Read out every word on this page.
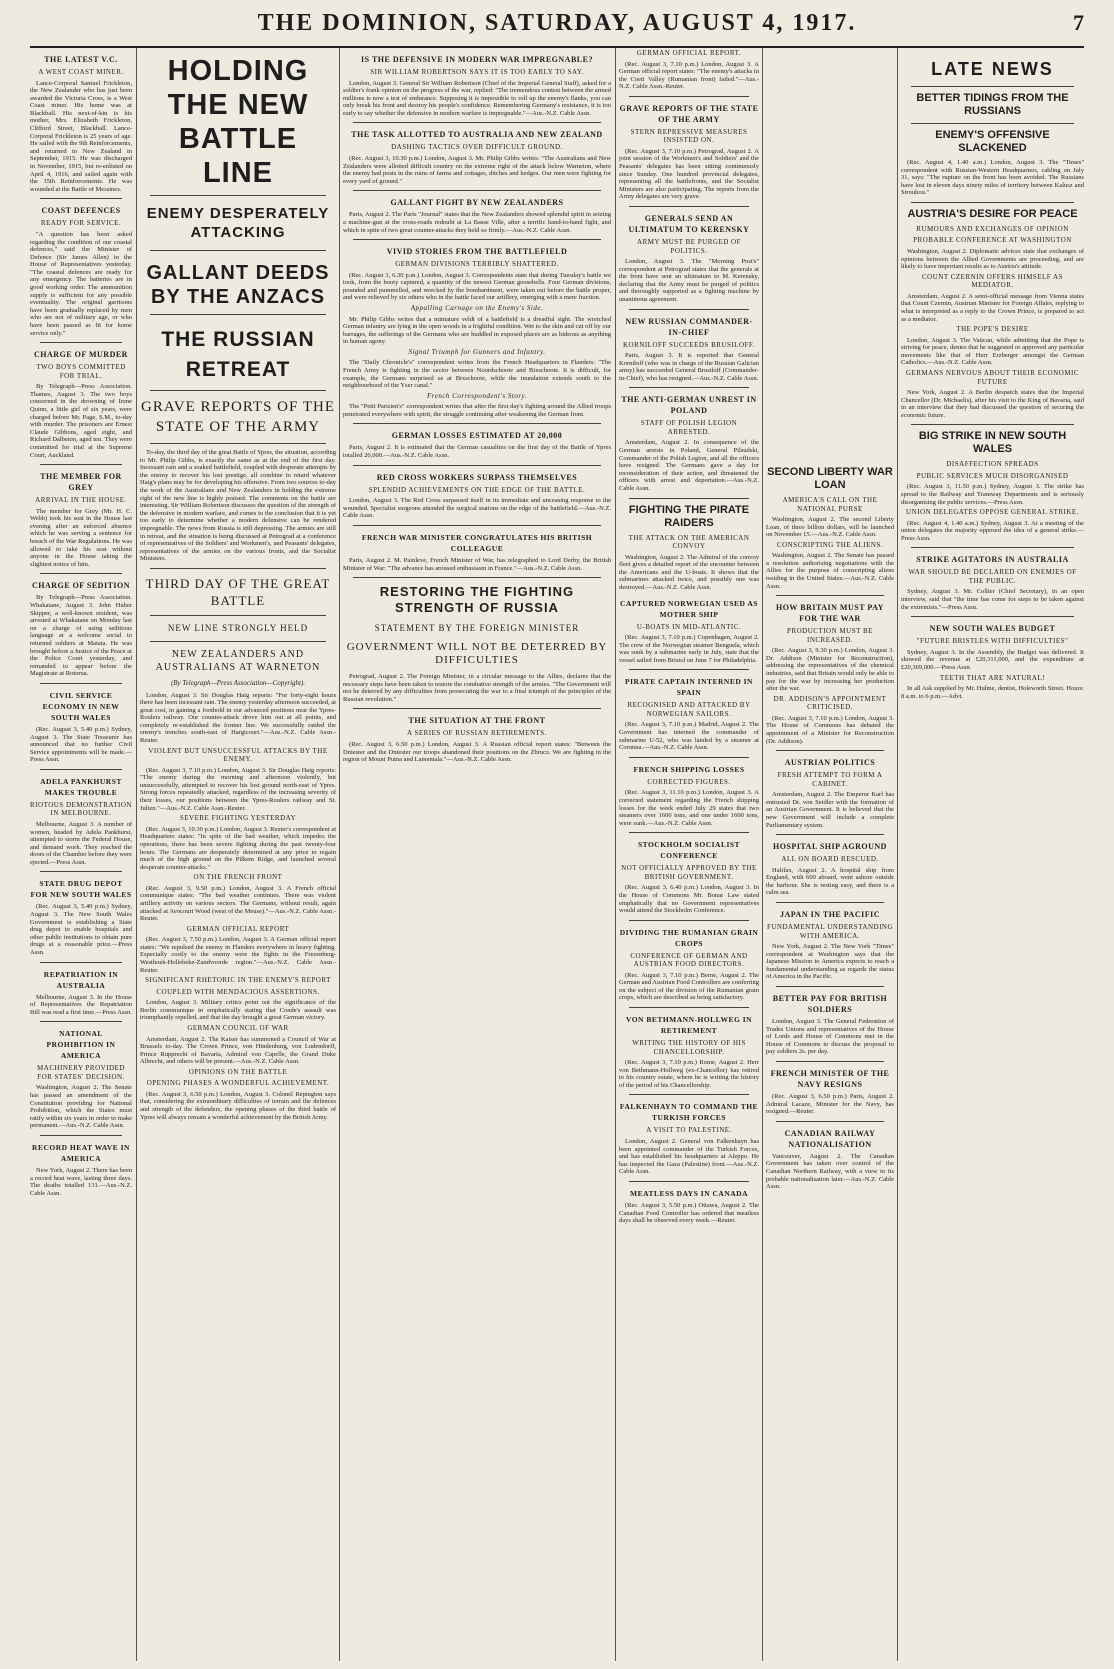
THE DOMINION, SATURDAY, AUGUST 4, 1917.	7
THE LATEST V.C.
A WEST COAST MINER.

Lance-Corporal Samuel Frickleton, the New Zealander who has just been awarded the Victoria Cross, is a West Coast miner. His home was at Blackball. His next-of-kin is his mother, Mrs. Elizabeth Frickleton, Clifford Street, Blackball. Lance-Corporal Frickleton is 25 years of age. He sailed with the 9th Reinforcements, and returned to New Zealand in September, 1915. He was discharged in November, 1915, but re-enlisted on April 4, 1916, and sailed again with the 15th Reinforcements. He was wounded at the Battle of Messines.

COAST DEFENCES
READY FOR SERVICE.

"A question has been asked regarding the condition of our coastal defences," said the Minister of Defence (Sir James Allen) in the House of Representatives yesterday. "The coastal defences are ready for any emergency. The batteries are in good working order. The ammunition supply is sufficient for any possible eventuality. The original garrisons have been gradually replaced by men who are not of military age, or who have been passed as fit for home service only."

CHARGE OF MURDER
TWO BOYS COMMITTED FOR TRIAL.

By Telegraph—Press Association. Thames, August 3. The two boys concerned in the drowning of Irene Quinn, a little girl of six years, were charged before Mr. Page, S.M., to-day with murder. The prisoners are Ernest Claude Gibbons, aged eight, and Richard Dalbeton, aged ten. They were committed for trial at the Supreme Court, Auckland.

THE MEMBER FOR GREY
ARRIVAL IN THE HOUSE.

The member for Grey (Mr. H. C. Webb) took his seat in the House last evening after an enforced absence which he was serving a sentence for breach of the War Regulations. He was allowed to take his seat without anyone in the House taking the slightest notice of him.

CHARGE OF SEDITION

By Telegraph—Press Association. Whakatane, August 3. John Huber Skipper, a well-known resident, was arrested at Whakatane on Monday last on a charge of using seditious language at a welcome social to returned soldiers at Matata. He was brought before a Justice of the Peace at the Police Court yesterday, and remanded to appear before the Magistrate at Rotorua.

CIVIL SERVICE ECONOMY IN NEW SOUTH WALES

(Rec. August 3, 5.40 p.m.) Sydney, August 3. The State Treasurer has announced that no further Civil Service appointments will be made.—Press Assn.

ADELA PANKHURST MAKES TROUBLE
RIOTOUS DEMONSTRATION IN MELBOURNE.

Melbourne, August 3. A number of women, headed by Adela Pankhurst, attempted to storm the Federal House, and demand work. They reached the doors of the Chamber before they were ejected.—Press Assn.

STATE DRUG DEPOT FOR NEW SOUTH WALES

(Rec. August 3, 5.40 p.m.) Sydney, August 3. The New South Wales Government is establishing a State drug depot to enable hospitals and other public institutions to obtain pure drugs at a reasonable price.—Press Assn.

REPATRIATION IN AUSTRALIA

Melbourne, August 3. In the House of Representatives the Repatriation Bill was read a first time.—Press Assn.

NATIONAL PROHIBITION IN AMERICA
MACHINERY PROVIDED FOR STATES' DECISION.

Washington, August 2. The Senate has passed an amendment of the Constitution providing for National Prohibition, which the States must ratify within six years in order to make permanent.—Aus.-N.Z. Cable Assn.

RECORD HEAT WAVE IN AMERICA

New York, August 2. There has been a record heat wave, lasting three days. The deaths totalled 131.—Aus.-N.Z. Cable Assn.

HOLDING THE NEW BATTLE LINE
ENEMY DESPERATELY ATTACKING
GALLANT DEEDS BY THE ANZACS
THE RUSSIAN RETREAT
GRAVE REPORTS OF THE STATE OF THE ARMY

To-day, the third day of the great Battle of Ypres, the situation, according to Mr. Philip Gibbs, is exactly the same as at the end of the first day. Incessant rain and a soaked battlefield, coupled with desperate attempts by the enemy to recover his lost prestige, all combine to retard whatever Haig's plans may be for developing his offensive. From two sources to-day the work of the Australians and New Zealanders in holding the extreme right of the new line is highly praised. The comments on the battle are interesting. Sir William Robertson discusses the question of the strength of the defensive in modern warfare, and comes to the conclusion that it is yet too early to determine whether a modern defensive can be rendered impregnable. The news from Russia is still depressing. The armies are still in retreat, and the situation is being discussed at Petrograd at a conference of representatives of the Soldiers' and Workmen's, and Peasants' delegates, representatives of the armies on the various fronts, and the Socialist Ministers.

THIRD DAY OF THE GREAT BATTLE
NEW LINE STRONGLY HELD
NEW ZEALANDERS AND AUSTRALIANS AT WARNETON
(By Telegraph—Press Association—Copyright).

London, August 3. Sir Douglas Haig reports: "For forty-eight hours there has been incessant rain. The enemy yesterday afternoon succeeded, at great cost, in gaining a foothold in our advanced positions near the Ypres-Roulers railway. Our counter-attack drove him out at all points, and completely re-established the former line. We successfully raided the enemy's trenches south-east of Hargicourt."—Aus.-N.Z. Cable Assn.-Reuter.

VIOLENT BUT UNSUCCESSFUL ATTACKS BY THE ENEMY.

(Rec. August 3, 7.10 p.m.) London, August 3. Sir Douglas Haig reports: "The enemy during the morning and afternoon violently, but unsuccessfully, attempted to recover his lost ground north-east of Ypres. Strong forces repeatedly attacked, regardless of the increasing severity of their losses, our positions between the Ypres-Roulers railway and St. Julien."—Aus.-N.Z. Cable Assn.-Reuter.

SEVERE FIGHTING YESTERDAY

(Rec. August 3, 10.30 p.m.) London, August 3. Reuter's correspondent at Headquarters states: "In spite of the bad weather, which impedes the operations, there has been severe fighting during the past twenty-four hours. The Germans are desperately determined at any price to regain much of the high ground on the Pilkem Ridge, and launched several desperate counter-attacks."

ON THE FRENCH FRONT

(Rec. August 3, 9.50 p.m.) London, August 3. A French official communique states: "The bad weather continues. There was violent artillery activity on various sectors. The Germans, without result, again attacked at Avocourt Wood (west of the Meuse)."—Aus.-N.Z. Cable Assn.-Reuter.

GERMAN OFFICIAL REPORT

(Rec. August 3, 7.50 p.m.) London, August 3. A German official report states: "We repulsed the enemy in Flanders everywhere in heavy fighting. Especially costly to the enemy were the fights in the Frezenberg-Westhoek-Hollebeke-Zandvoorde region."—Aus.-N.Z. Cable Assn.-Reuter.

SIGNIFICANT RHETORIC IN THE ENEMY'S REPORT
COUPLED WITH MENDACIOUS ASSERTIONS.

London, August 3. Military critics point out the significance of the Berlin communique in emphatically stating that Conde's assault was triumphantly repelled, and that the day brought a great German victory.

GERMAN COUNCIL OF WAR

Amsterdam, August 2. The Kaiser has summoned a Council of War at Brussels to-day. The Crown Prince, von Hindenburg, von Ludendorff, Prince Rupprecht of Bavaria, Admiral von Capelle, the Grand Duke Albrecht, and others will be present.—Aus.-N.Z. Cable Assn.

OPINIONS ON THE BATTLE
OPENING PHASES A WONDERFUL ACHIEVEMENT.

(Rec. August 3, 6.50 p.m.) London, August 3. Colonel Repington says that, considering the extraordinary difficulties of terrain and the defences and strength of the defenders, the opening phases of the third battle of Ypres will always remain a wonderful achievement by the British Army.

IS THE DEFENSIVE IN MODERN WAR IMPREGNABLE?
SIR WILLIAM ROBERTSON SAYS IT IS TOO EARLY TO SAY.

London, August 3. General Sir William Robertson (Chief of the Imperial General Staff), asked for a soldier's frank opinion on the progress of the war, replied: "The tremendous contest between the armed millions is now a test of endurance. Supposing it is impossible to roll up the enemy's flanks, you can only break his front and destroy his people's confidence. Remembering Germany's resistance, it is too early to say whether the defensive in modern warfare is impregnable."—Aus.-N.Z. Cable Assn.

THE TASK ALLOTTED TO AUSTRALIA AND NEW ZEALAND
DASHING TACTICS OVER DIFFICULT GROUND.

(Rec. August 3, 10.30 p.m.) London, August 3. Mr. Philip Gibbs writes: "The Australians and New Zealanders were allotted difficult country on the extreme right of the attack below Warneton, where the enemy had posts in the ruins of farms and cottages, ditches and hedges. Our men were fighting for every yard of ground."

GALLANT FIGHT BY NEW ZEALANDERS

Paris, August 2. The Paris "Journal" states that the New Zealanders showed splendid spirit in seizing a machine-gun at the cross-roads redoubt at La Basse Ville, after a terrific hand-to-hand fight, and which in spite of two great counter-attacks they held so firmly.—Aus.-N.Z. Cable Assn.

VIVID STORIES FROM THE BATTLEFIELD
GERMAN DIVISIONS TERRIBLY SHATTERED.

(Rec. August 3, 6.30 p.m.) London, August 3. Correspondents state that during Tuesday's battle we took, from the booty captured, a quantity of the newest German goosebells. Four German divisions, pounded and pummelled, and wrecked by the bombardment, were taken out before the battle proper, and were relieved by six others who in the battle faced our artillery, emerging with a mere fraction.

Appalling Carnage on the Enemy's Side.

Mr. Philip Gibbs writes that a miniature veldt of a battlefield is a dreadful sight. The wretched German infantry are lying in the open woods in a frightful condition. Wet to the skin and cut off by our barrages, the sufferings of the Germans who are huddled in exposed places are as hideous as anything in human agony.

Signal Triumph for Gunners and Infantry.

The "Daily Chronicle's" correspondent writes from the French Headquarters in Flanders: "The French Army is fighting in the sector between Noordschoote and Bixschoote. It is difficult, for example, the Germans surprised us at Bixschoote, while the inundation extends south to the neighbourhood of the Yser canal."

French Correspondent's Story.

The "Petit Parisien's" correspondent writes that after the first day's fighting around the Allied troops penetrated everywhere with spirit, the struggle continuing after weakening the German front.

GERMAN LOSSES ESTIMATED AT 20,000

Paris, August 2. It is estimated that the German casualties on the first day of the Battle of Ypres totalled 20,000.—Aus.-N.Z. Cable Assn.

RED CROSS WORKERS SURPASS THEMSELVES
SPLENDID ACHIEVEMENTS ON THE EDGE OF THE BATTLE.

London, August 3. The Red Cross surpassed itself in its immediate and unceasing response to the wounded. Specialist surgeons attended the surgical stations on the edge of the battlefield.—Aus.-N.Z. Cable Assn.

FRENCH WAR MINISTER CONGRATULATES HIS BRITISH COLLEAGUE

Paris, August 2. M. Painleve, French Minister of War, has telegraphed to Lord Derby, the British Minister of War: "The advance has aroused enthusiasm in France."—Aus.-N.Z. Cable Assn.

RESTORING THE FIGHTING STRENGTH OF RUSSIA
STATEMENT BY THE FOREIGN MINISTER
GOVERNMENT WILL NOT BE DETERRED BY DIFFICULTIES

Petrograd, August 2. The Foreign Minister, in a circular message to the Allies, declares that the necessary steps have been taken to restore the combative strength of the armies. "The Government will not be deterred by any difficulties from prosecuting the war to a final triumph of the principles of the Russian revolution."

THE SITUATION AT THE FRONT
A SERIES OF RUSSIAN RETIREMENTS.

(Rec. August 3, 6.50 p.m.) London, August 3. A Russian official report states: "Between the Dniester and the Dniester our troops abandoned their positions on the Zbrucz. We are fighting in the region of Mount Putna and Lamentala."—Aus.-N.Z. Cable Assn.

GERMAN OFFICIAL REPORT.

(Rec. August 3, 7.10 p.m.) London, August 3. A German official report states: "The enemy's attacks in the Coeti Valley (Rumanian front) failed."—Aus.-N.Z. Cable Assn.-Reuter.

GRAVE REPORTS OF THE STATE OF THE ARMY
STERN REPRESSIVE MEASURES INSISTED ON.

(Rec. August 3, 7.10 p.m.) Petrograd, August 2. A joint session of the Workmen's and Soldiers' and the Peasants' delegates has been sitting continuously since Sunday. One hundred provincial delegates, representing all the battlefronts, and the Socialist Ministers are also participating. The reports from the Army delegates are very grave.

GENERALS SEND AN ULTIMATUM TO KERENSKY
ARMY MUST BE PURGED OF POLITICS.

London, August 3. The "Morning Post's" correspondent at Petrograd states that the generals at the front have sent an ultimatum to M. Kerensky, declaring that the Army must be purged of politics and thoroughly supported as a fighting machine by unanimous agreement.

NEW RUSSIAN COMMANDER-IN-CHIEF
KORNILOFF SUCCEEDS BRUSILOFF.

Paris, August 3. It is reported that General Korniloff (who was in charge of the Russian Galician army) has succeeded General Brusiloff (Commander-in-Chief), who has resigned.—Aus.-N.Z. Cable Assn.

THE ANTI-GERMAN UNREST IN POLAND
STAFF OF POLISH LEGION ARRESTED.

Amsterdam, August 2. In consequence of the German arrests in Poland, General Pilsudski, Commander of the Polish Legion, and all the officers have resigned. The Germans gave a day for reconsideration of their action, and threatened the officers with arrest and deportation.—Aus.-N.Z. Cable Assn.

FIGHTING THE PIRATE RAIDERS
THE ATTACK ON THE AMERICAN CONVOY

Washington, August 2. The Admiral of the convoy fleet gives a detailed report of the encounter between the Americans and the U-boats. It shows that the submarines attacked twice, and possibly one was destroyed.—Aus.-N.Z. Cable Assn.

CAPTURED NORWEGIAN USED AS MOTHER SHIP
U-BOATS IN MID-ATLANTIC.

(Rec. August 3, 7.10 p.m.) Copenhagen, August 2. The crew of the Norwegian steamer Benguela, which was sunk by a submarine early in July, state that the vessel sailed from Bristol on June 7 for Philadelphia.

PIRATE CAPTAIN INTERNED IN SPAIN
RECOGNISED AND ATTACKED BY NORWEGIAN SAILORS.

(Rec. August 3, 7.10 p.m.) Madrid, August 2. The Government has interned the commander of submarine U-52, who was landed by a steamer at Corunna.—Aus.-N.Z. Cable Assn.

FRENCH SHIPPING LOSSES
CORRECTED FIGURES.

(Rec. August 3, 11.10 p.m.) London, August 3. A corrected statement regarding the French shipping losses for the week ended July 29 states that two steamers over 1600 tons, and one under 1600 tons, were sunk.—Aus.-N.Z. Cable Assn.

STOCKHOLM SOCIALIST CONFERENCE
NOT OFFICIALLY APPROVED BY THE BRITISH GOVERNMENT.

(Rec. August 3, 6.40 p.m.) London, August 3. In the House of Commons Mr. Bonar Law stated emphatically that no Government representatives would attend the Stockholm Conference.

DIVIDING THE RUMANIAN GRAIN CROPS
CONFERENCE OF GERMAN AND AUSTRIAN FOOD DIRECTORS.

(Rec. August 3, 7.10 p.m.) Berne, August 2. The German and Austrian Food Controllers are conferring on the subject of the division of the Rumanian grain crops, which are described as being satisfactory.

VON BETHMANN-HOLLWEG IN RETIREMENT
WRITING THE HISTORY OF HIS CHANCELLORSHIP.

(Rec. August 3, 7.10 p.m.) Rome, August 2. Herr von Bethmann-Hollweg (ex-Chancellor) has retired to his country estate, where he is writing the history of the period of his Chancellorship.

FALKENHAYN TO COMMAND THE TURKISH FORCES
A VISIT TO PALESTINE.

London, August 2. General von Falkenhayn has been appointed commander of the Turkish Forces, and has established his headquarters at Aleppo. He has inspected the Gaza (Palestine) front.—Aus.-N.Z. Cable Assn.

MEATLESS DAYS IN CANADA

(Rec. August 3, 5.50 p.m.) Ottawa, August 2. The Canadian Food Controller has ordered that meatless days shall be observed every week.—Reuter.

SECOND LIBERTY WAR LOAN
AMERICA'S CALL ON THE NATIONAL PURSE

Washington, August 2. The second Liberty Loan, of three billion dollars, will be launched on November 15.—Aus.-N.Z. Cable Assn.

CONSCRIPTING THE ALIENS.

Washington, August 2. The Senate has passed a resolution authorising negotiations with the Allies for the purpose of conscripting aliens residing in the United States.—Aus.-N.Z. Cable Assn.

HOW BRITAIN MUST PAY FOR THE WAR
PRODUCTION MUST BE INCREASED.

(Rec. August 3, 9.30 p.m.) London, August 3. Dr. Addison (Minister for Reconstruction), addressing the representatives of the chemical industries, said that Britain would only be able to pay for the war by increasing her production after the war.

DR. ADDISON'S APPOINTMENT CRITICISED.

(Rec. August 3, 7.10 p.m.) London, August 3. The House of Commons has debated the appointment of a Minister for Reconstruction (Dr. Addison).

AUSTRIAN POLITICS
FRESH ATTEMPT TO FORM A CABINET.

Amsterdam, August 2. The Emperor Karl has entrusted Dr. von Seidler with the formation of an Austrian Government. It is believed that the new Government will include a complete Parliamentary system.

HOSPITAL SHIP AGROUND
ALL ON BOARD RESCUED.

Halifax, August 2. A hospital ship from England, with 600 aboard, went ashore outside the harbour. She is resting easy, and there is a calm sea.

JAPAN IN THE PACIFIC
FUNDAMENTAL UNDERSTANDING WITH AMERICA.

New York, August 2. The New York "Times" correspondent at Washington says that the Japanese Mission to America expects to reach a fundamental understanding as regards the status of America in the Pacific.

BETTER PAY FOR BRITISH SOLDIERS

London, August 3. The General Federation of Trades Unions and representatives of the House of Lords and House of Commons met in the House of Commons to discuss the proposal to pay soldiers 2s. per day.

FRENCH MINISTER OF THE NAVY RESIGNS

(Rec. August 3, 6.50 p.m.) Paris, August 2. Admiral Lacaze, Minister for the Navy, has resigned.—Reuter.

CANADIAN RAILWAY NATIONALISATION

Vancouver, August 2. The Canadian Government has taken over control of the Canadian Northern Railway, with a view to its probable nationalisation later.—Aus.-N.Z. Cable Assn.

LATE NEWS
BETTER TIDINGS FROM THE RUSSIANS
ENEMY'S OFFENSIVE SLACKENED

(Rec. August 4, 1.40 a.m.) London, August 3. The "Times" correspondent with Russian-Western Headquarters, cabling on July 31, says: "The rupture on the front has been avoided. The Russians have lost in eleven days ninety miles of territory between Kalusz and Strouhou."

AUSTRIA'S DESIRE FOR PEACE
RUMOURS AND EXCHANGES OF OPINION
PROBABLE CONFERENCE AT WASHINGTON

Washington, August 2. Diplomatic advices state that exchanges of opinions between the Allied Governments are proceeding, and are likely to have important results as to Austria's attitude.

COUNT CZERNIN OFFERS HIMSELF AS MEDIATOR.

Amsterdam, August 2. A semi-official message from Vienna states that Count Czernin, Austrian Minister for Foreign Affairs, replying to what is interpreted as a reply to the Crown Prince, is prepared to act as a mediator.

THE POPE'S DESIRE

London, August 3. The Vatican, while admitting that the Pope is striving for peace, denies that he suggested or approved any particular movements like that of Herr Erzberger amongst the German Catholics.—Aus.-N.Z. Cable Assn.

GERMANS NERVOUS ABOUT THEIR ECONOMIC FUTURE

New York, August 2. A Berlin despatch states that the Imperial Chancellor (Dr. Michaelis), after his visit to the King of Bavaria, said in an interview that they had discussed the question of securing the economic future.

BIG STRIKE IN NEW SOUTH WALES
DISAFFECTION SPREADS
PUBLIC SERVICES MUCH DISORGANISED

(Rec. August 3, 11.50 p.m.) Sydney, August 3. The strike has spread to the Railway and Tramway Departments and is seriously disorganising the public services.—Press Assn.

UNION DELEGATES OPPOSE GENERAL STRIKE.

(Rec. August 4, 1.40 a.m.) Sydney, August 3. At a meeting of the union delegates the majority opposed the idea of a general strike.—Press Assn.

STRIKE AGITATORS IN AUSTRALIA
WAR SHOULD BE DECLARED ON ENEMIES OF THE PUBLIC.

Sydney, August 3. Mr. Collier (Chief Secretary), in an open interview, said that "the time has come for steps to be taken against the extremists."—Press Assn.

NEW SOUTH WALES BUDGET
"FUTURE BRISTLES WITH DIFFICULTIES"

Sydney, August 3. In the Assembly, the Budget was delivered. It showed the revenue at £20,311,000, and the expenditure at £20,369,000.—Press Assn.

TEETH THAT ARE NATURAL!

In all Ask supplied by Mr. Hulme, dentist, Holeworth Street. Hours: 8 a.m. to 6 p.m.—Advt.
